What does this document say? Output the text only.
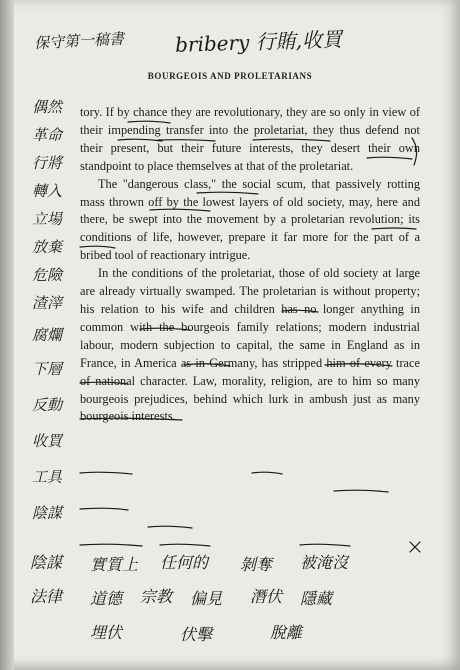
保守第一稿書	bribery 行賄,收買
BOURGEOIS AND PROLETARIANS

tory. If by chance they are revolutionary, they are so only in view of their impending transfer into the proletariat, they thus defend not their present, but their future interests, they desert their own standpoint to place themselves at that of the proletariat.

The "dangerous class," the social scum, that passively rotting mass thrown off by the lowest layers of old society, may, here and there, be swept into the movement by a proletarian revolution; its conditions of life, however, prepare it far more for the part of a bribed tool of reactionary intrigue.

In the conditions of the proletariat, those of old society at large are already virtually swamped. The proletarian is without property; his relation to his wife and children has no longer anything in common with the bourgeois family relations; modern industrial labour, modern subjection to capital, the same in England as in France, in America as in Germany, has stripped him of every trace of national character. Law, morality, religion, are to him so many bourgeois prejudices, behind which lurk in ambush just as many bourgeois interests.

偶然
革命
行將
轉入
立場
放棄
危險
渣滓
腐爛
下層
反動
收買
工具
陰謀
陰謀 實質上 任何的 剝奪 被淹沒
法律 道德 宗教 偏見 潛伏 隱藏
埋伏	伏擊	脫離
